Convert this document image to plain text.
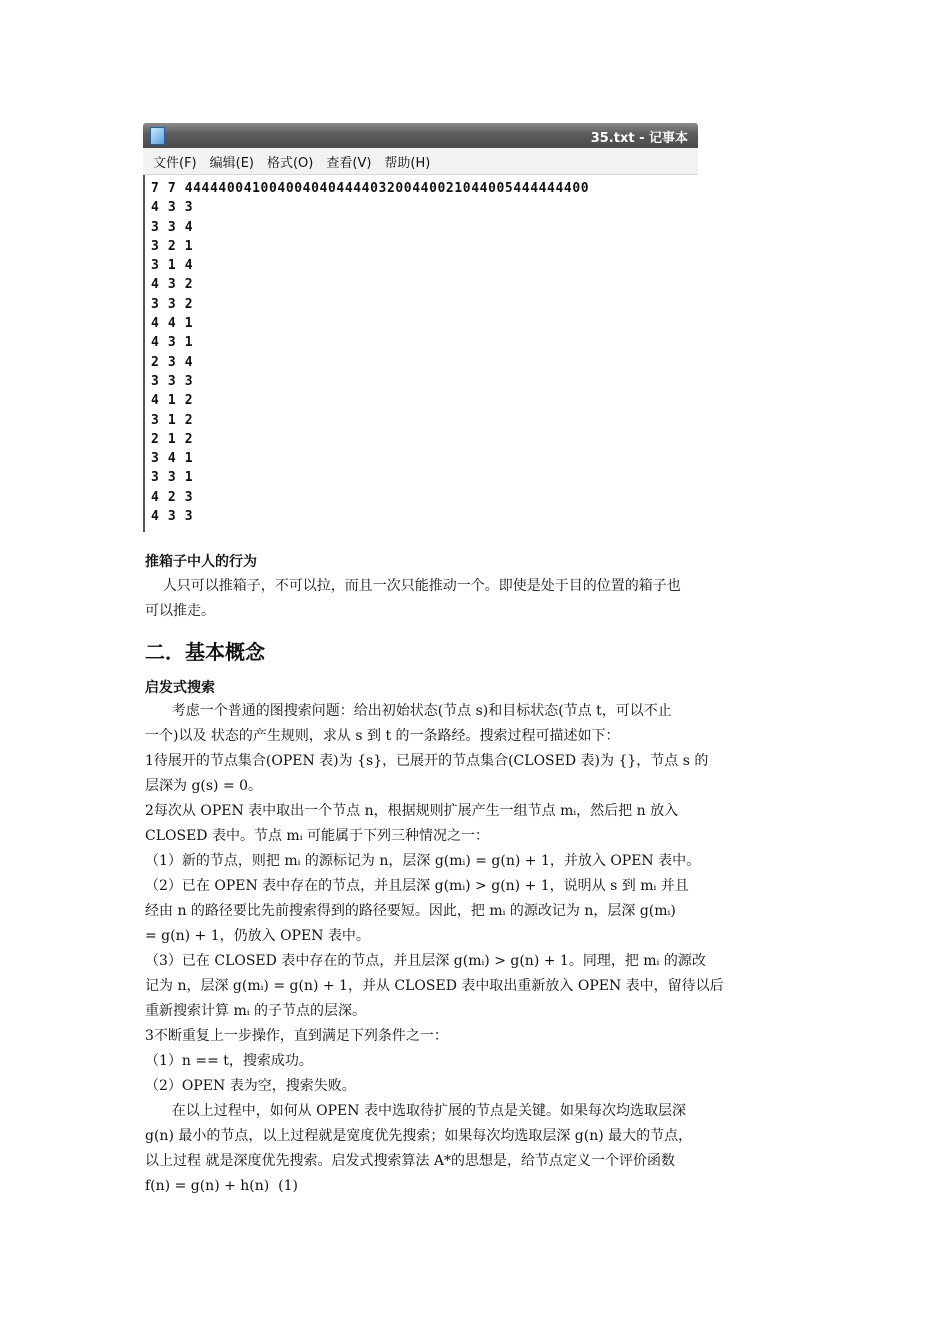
35.txt - 记事本
文件(F) 编辑(E) 格式(O) 查看(V) 帮助(H)
7 7 444440041004004040444403200440021044005444444400
4 3 3
3 3 4
3 2 1
3 1 4
4 3 2
3 3 2
4 4 1
4 3 1
2 3 4
3 3 3
4 1 2
3 1 2
2 1 2
3 4 1
3 3 1
4 2 3
4 3 3
推箱子中人的行为
人只可以推箱子，不可以拉，而且一次只能推动一个。即使是处于目的位置的箱子也
可以推走。
二．基本概念
启发式搜索
考虑一个普通的图搜索问题：给出初始状态(节点 s)和目标状态(节点 t，可以不止
一个)以及 状态的产生规则，求从 s 到 t 的一条路经。搜索过程可描述如下：
1待展开的节点集合(OPEN 表)为 {s}，已展开的节点集合(CLOSED 表)为 {}，节点 s 的
层深为 g(s) = 0。
2每次从 OPEN 表中取出一个节点 n，根据规则扩展产生一组节点 mᵢ，然后把 n 放入
CLOSED 表中。节点 mᵢ 可能属于下列三种情况之一：
（1）新的节点，则把 mᵢ 的源标记为 n，层深 g(mᵢ) = g(n) + 1，并放入 OPEN 表中。
（2）已在 OPEN 表中存在的节点，并且层深 g(mᵢ) > g(n) + 1，说明从 s 到 mᵢ 并且
经由 n 的路径要比先前搜索得到的路径要短。因此，把 mᵢ 的源改记为 n，层深 g(mᵢ)
= g(n) + 1，仍放入 OPEN 表中。
（3）已在 CLOSED 表中存在的节点，并且层深 g(mᵢ) > g(n) + 1。同理，把 mᵢ 的源改
记为 n，层深 g(mᵢ) = g(n) + 1，并从 CLOSED 表中取出重新放入 OPEN 表中，留待以后
重新搜索计算 mᵢ 的子节点的层深。
3不断重复上一步操作，直到满足下列条件之一：
（1）n == t，搜索成功。
（2）OPEN 表为空，搜索失败。
在以上过程中，如何从 OPEN 表中选取待扩展的节点是关键。如果每次均选取层深
g(n) 最小的节点，以上过程就是宽度优先搜索；如果每次均选取层深 g(n) 最大的节点，
以上过程 就是深度优先搜索。启发式搜索算法 A*的思想是，给节点定义一个评价函数
f(n) = g(n) + h(n)  (1)
